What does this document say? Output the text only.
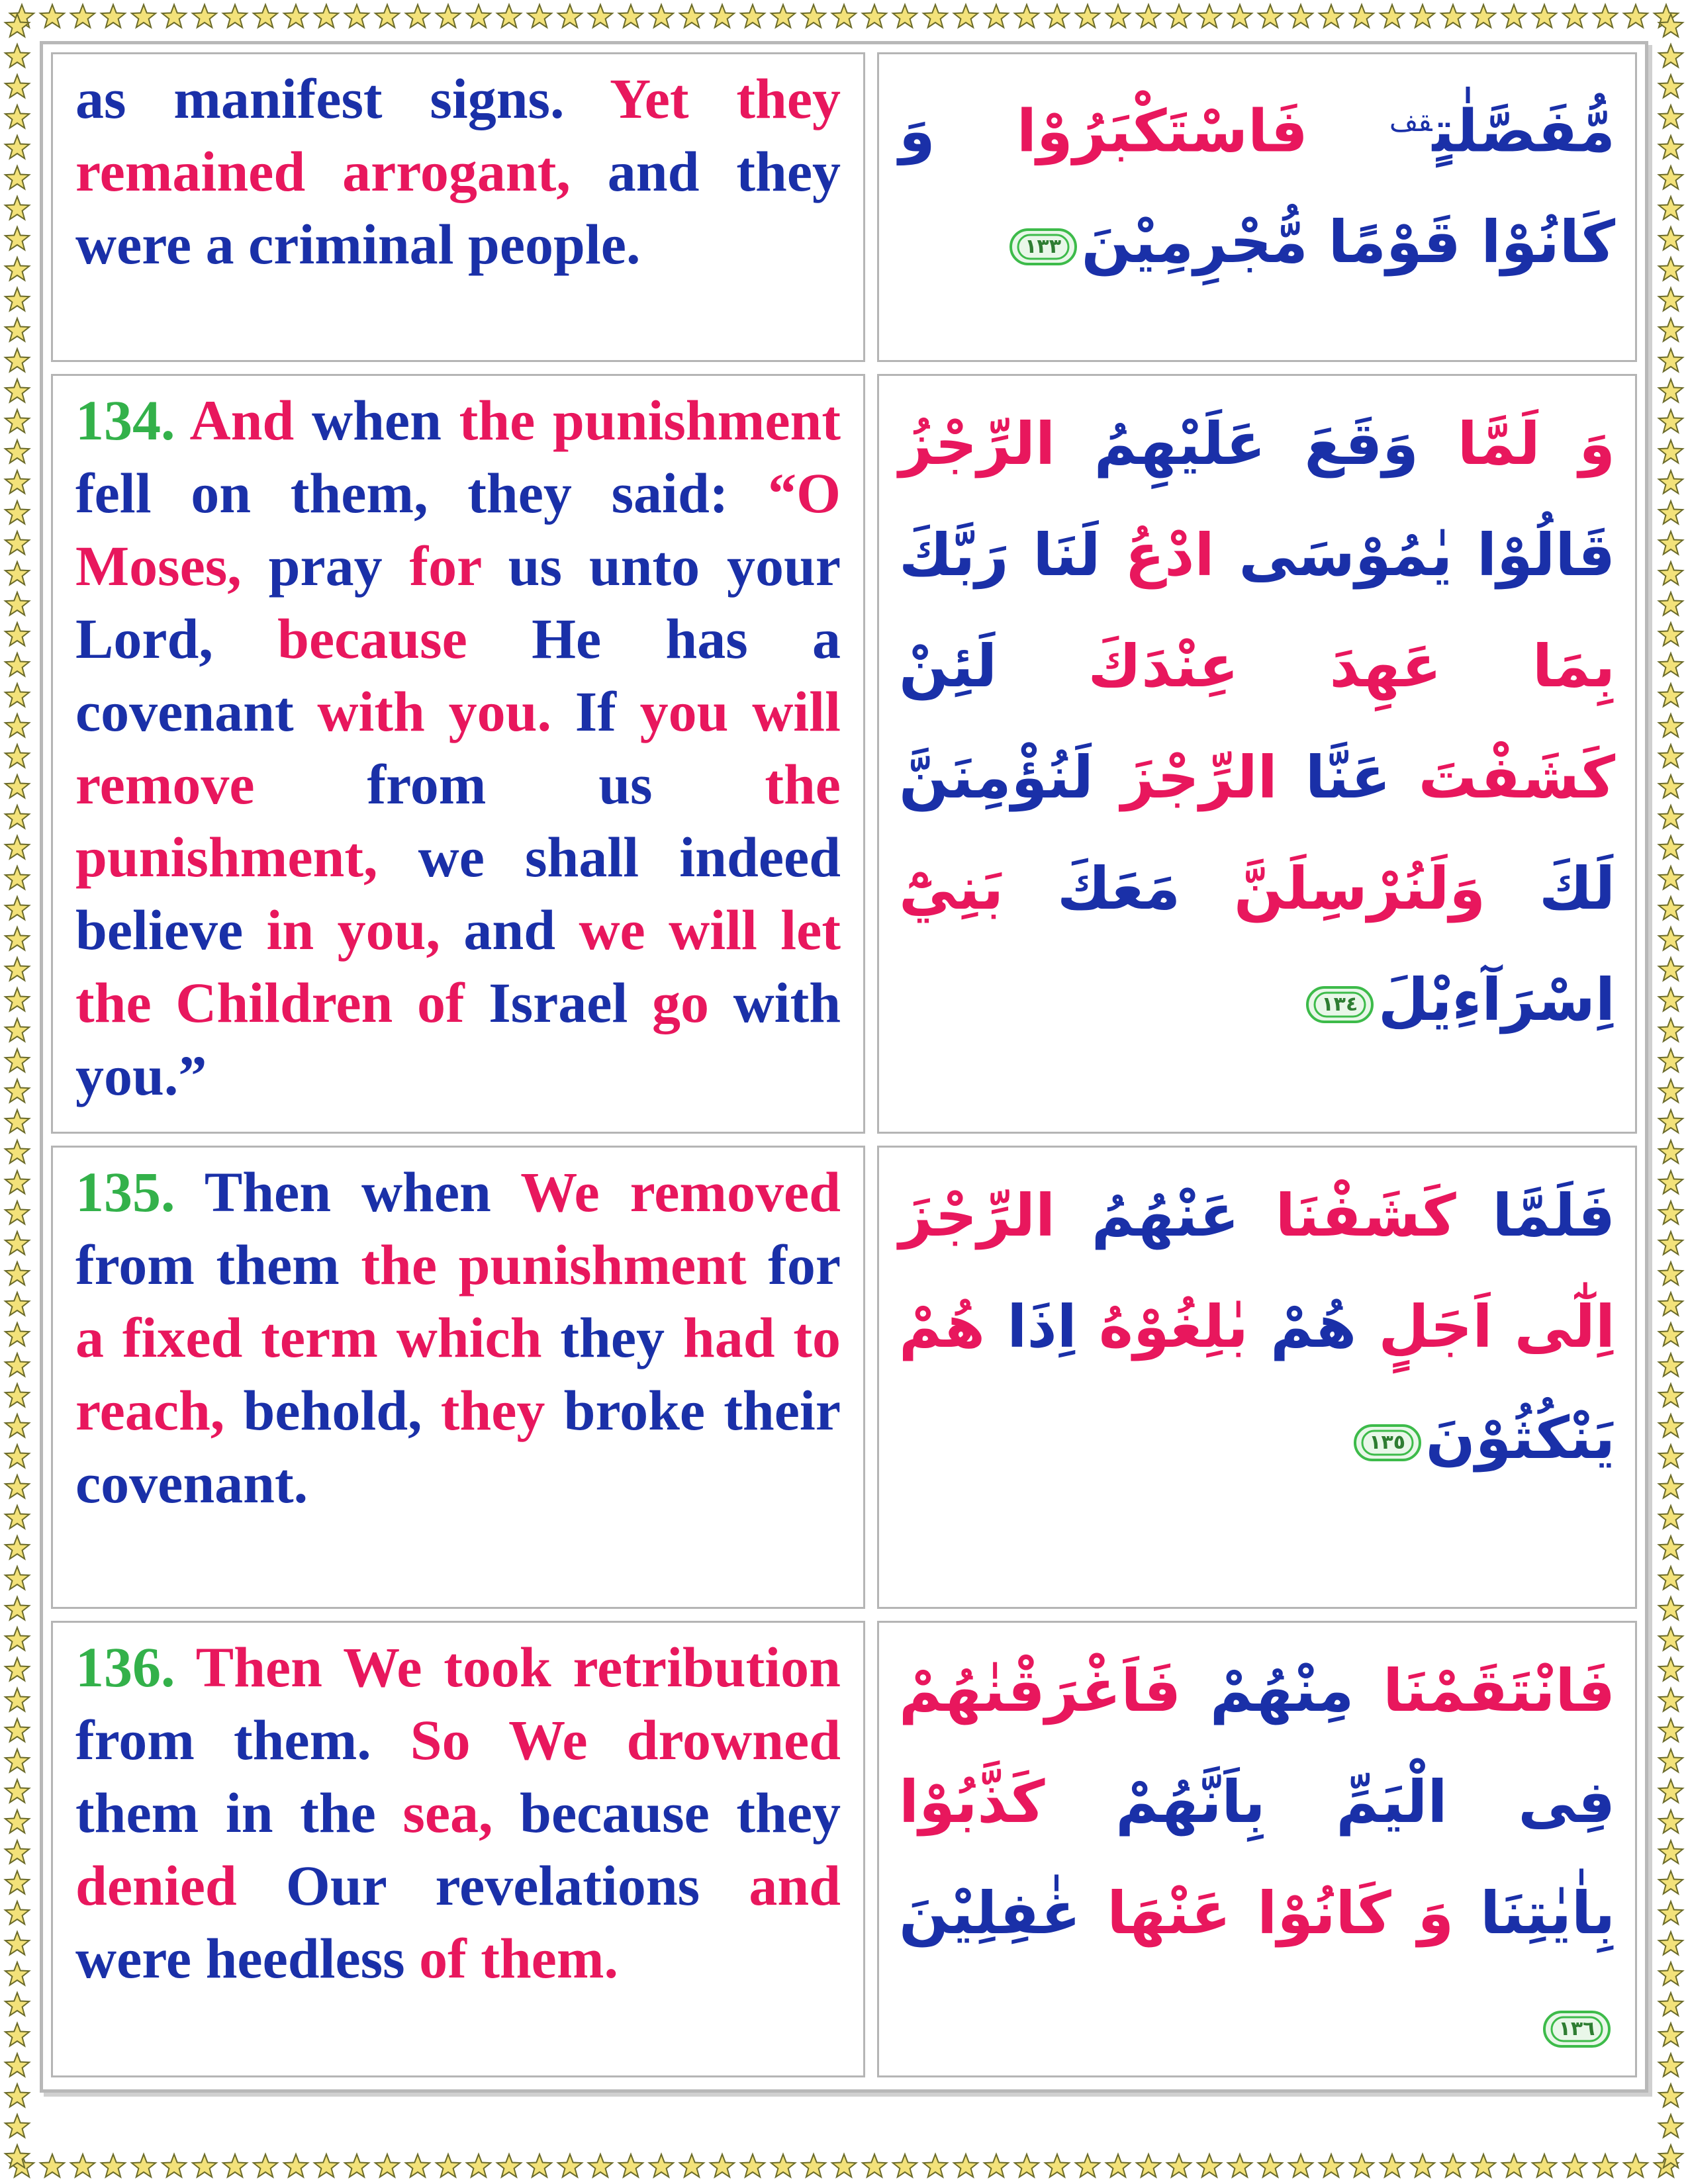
as manifest signs. Yet they remained arrogant, and they were a criminal people.

مُّفَصَّلٰتٍ$^{قف}$ فَاسْتَكْبَرُوْا وَ كَانُوْا قَوْمًا مُّجْرِمِيْنَ
١٣٣

134. And when the punishment fell on them, they said: “O Moses, pray for us unto your Lord, because He has a covenant with you. If you will remove from us the punishment, we shall indeed believe in you, and we will let the Children of Israel go with you.”

وَ لَمَّا وَقَعَ عَلَيْهِمُ الرِّجْزُ قَالُوْا يٰمُوْسَى ادْعُ لَنَا رَبَّكَ بِمَا عَهِدَ عِنْدَكَ لَئِنْ كَشَفْتَ عَنَّا الرِّجْزَ لَنُؤْمِنَنَّ لَكَ وَلَنُرْسِلَنَّ مَعَكَ بَنِيْٓ اِسْرَآءِيْلَ
١٣٤

135. Then when We removed from them the punishment for a fixed term which they had to reach, behold, they broke their covenant.

فَلَمَّا كَشَفْنَا عَنْهُمُ الرِّجْزَ اِلٰٓى اَجَلٍ هُمْ بٰلِغُوْهُ اِذَا هُمْ يَنْكُثُوْنَ
١٣٥

136. Then We took retribution from them. So We drowned them in the sea, because they denied Our revelations and were heedless of them.

فَانْتَقَمْنَا مِنْهُمْ فَاَغْرَقْنٰهُمْ فِى الْيَمِّ بِاَنَّهُمْ كَذَّبُوْا بِاٰيٰتِنَا وَ كَانُوْا عَنْهَا غٰفِلِيْنَ
١٣٦
